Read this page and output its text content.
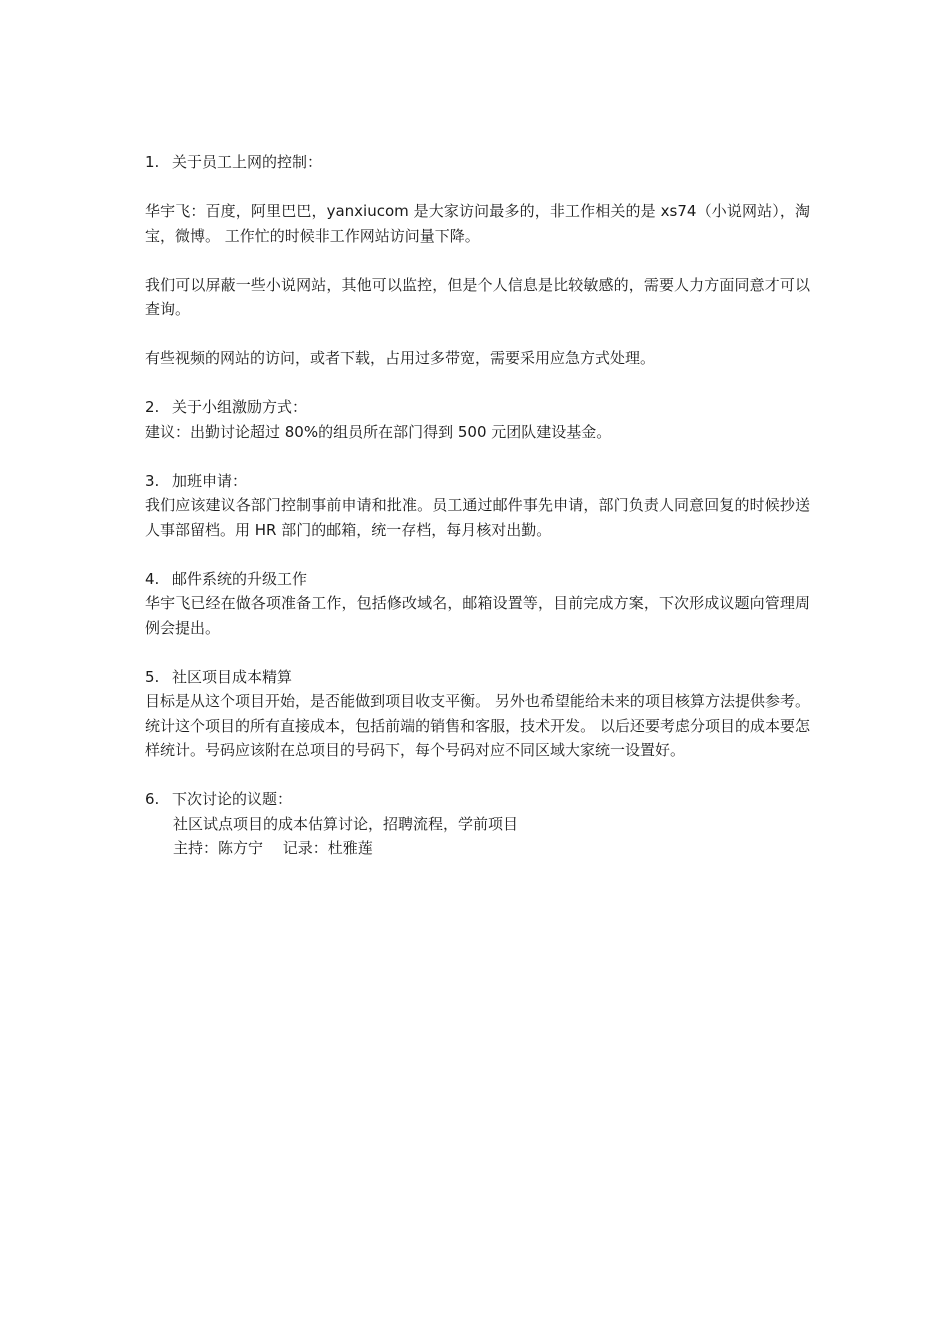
1. 关于员工上网的控制：
华宇飞：百度，阿里巴巴，yanxiucom 是大家访问最多的，非工作相关的是 xs74（小说网站），淘宝，微博。 工作忙的时候非工作网站访问量下降。
我们可以屏蔽一些小说网站，其他可以监控，但是个人信息是比较敏感的，需要人力方面同意才可以查询。
有些视频的网站的访问，或者下载，占用过多带宽，需要采用应急方式处理。
2. 关于小组激励方式：
建议：出勤讨论超过 80%的组员所在部门得到 500 元团队建设基金。
3. 加班申请：
我们应该建议各部门控制事前申请和批准。员工通过邮件事先申请，部门负责人同意回复的时候抄送人事部留档。用 HR 部门的邮箱，统一存档，每月核对出勤。
4. 邮件系统的升级工作
华宇飞已经在做各项准备工作，包括修改域名，邮箱设置等，目前完成方案，下次形成议题向管理周例会提出。
5. 社区项目成本精算
目标是从这个项目开始，是否能做到项目收支平衡。 另外也希望能给未来的项目核算方法提供参考。 统计这个项目的所有直接成本，包括前端的销售和客服，技术开发。 以后还要考虑分项目的成本要怎样统计。号码应该附在总项目的号码下，每个号码对应不同区域大家统一设置好。
6. 下次讨论的议题：
社区试点项目的成本估算讨论，招聘流程，学前项目
主持：陈方宁　 记录：杜雅莲
